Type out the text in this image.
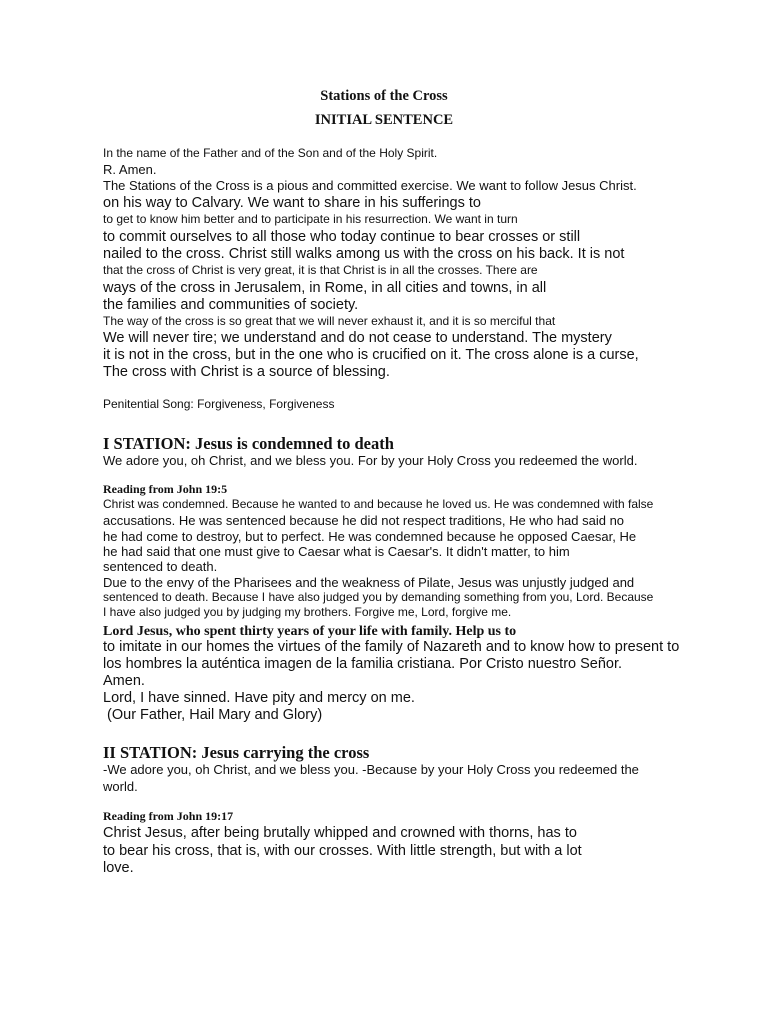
Stations of the Cross
INITIAL SENTENCE
In the name of the Father and of the Son and of the Holy Spirit.
R. Amen.
The Stations of the Cross is a pious and committed exercise. We want to follow Jesus Christ.
on his way to Calvary. We want to share in his sufferings to
to get to know him better and to participate in his resurrection. We want in turn
to commit ourselves to all those who today continue to bear crosses or still
nailed to the cross. Christ still walks among us with the cross on his back. It is not
that the cross of Christ is very great, it is that Christ is in all the crosses. There are
ways of the cross in Jerusalem, in Rome, in all cities and towns, in all
the families and communities of society.
The way of the cross is so great that we will never exhaust it, and it is so merciful that
We will never tire; we understand and do not cease to understand. The mystery
it is not in the cross, but in the one who is crucified on it. The cross alone is a curse,
The cross with Christ is a source of blessing.
Penitential Song: Forgiveness, Forgiveness
I STATION: Jesus is condemned to death
We adore you, oh Christ, and we bless you. For by your Holy Cross you redeemed the world.
Reading from John 19:5
Christ was condemned. Because he wanted to and because he loved us. He was condemned with false
accusations. He was sentenced because he did not respect traditions, He who had said no
he had come to destroy, but to perfect. He was condemned because he opposed Caesar, He
he had said that one must give to Caesar what is Caesar's. It didn't matter, to him
sentenced to death.
Due to the envy of the Pharisees and the weakness of Pilate, Jesus was unjustly judged and
sentenced to death. Because I have also judged you by demanding something from you, Lord. Because
I have also judged you by judging my brothers. Forgive me, Lord, forgive me.
Lord Jesus, who spent thirty years of your life with family. Help us to
to imitate in our homes the virtues of the family of Nazareth and to know how to present to
los hombres la auténtica imagen de la familia cristiana. Por Cristo nuestro Señor.
Amen.
Lord, I have sinned. Have pity and mercy on me.
(Our Father, Hail Mary and Glory)
II STATION: Jesus carrying the cross
-We adore you, oh Christ, and we bless you. -Because by your Holy Cross you redeemed the
world.
Reading from John 19:17
Christ Jesus, after being brutally whipped and crowned with thorns, has to
to bear his cross, that is, with our crosses. With little strength, but with a lot
love.
